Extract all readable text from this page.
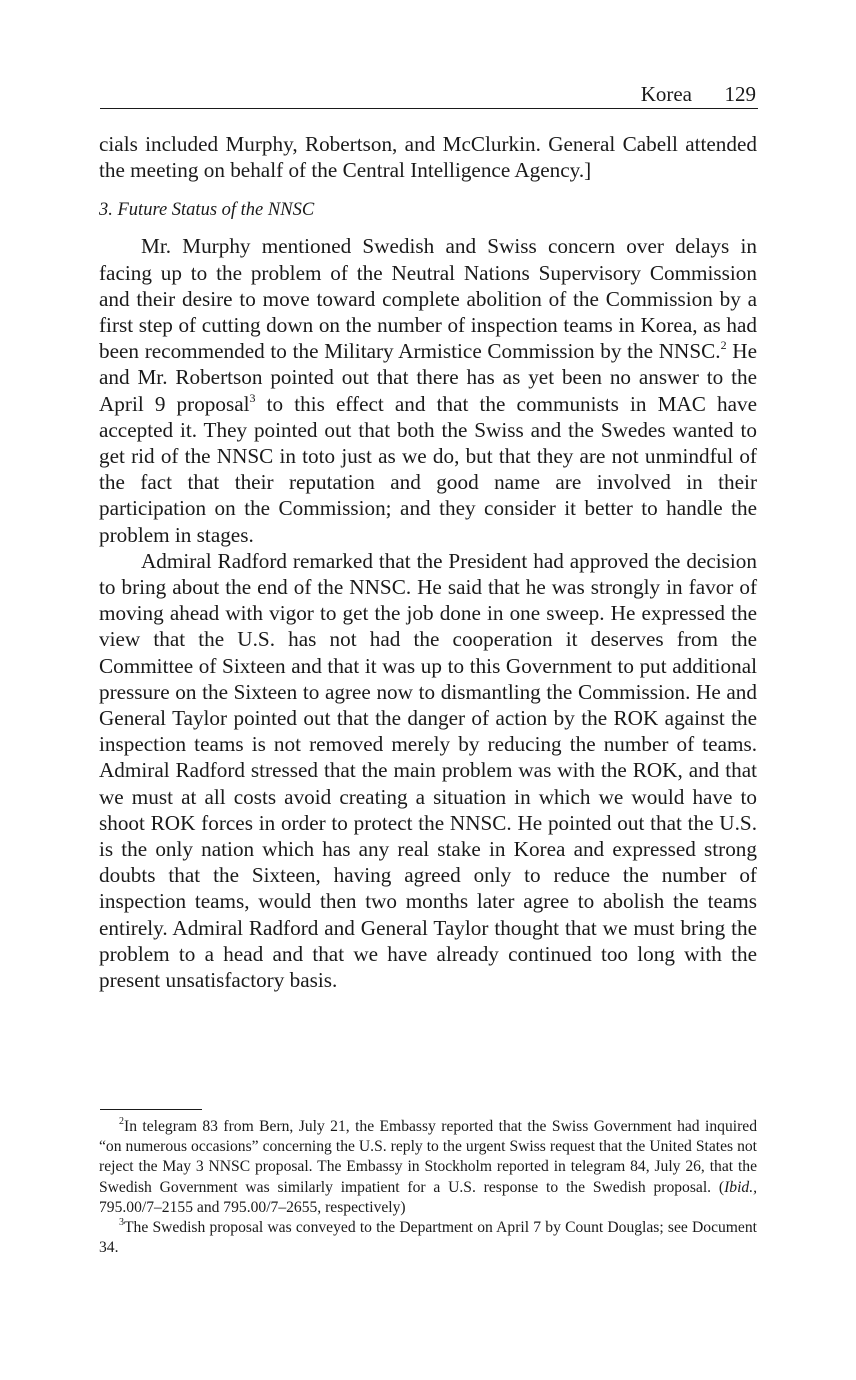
Korea 129

cials included Murphy, Robertson, and McClurkin. General Cabell attended the meeting on behalf of the Central Intelligence Agency.]

3. Future Status of the NNSC

Mr. Murphy mentioned Swedish and Swiss concern over delays in facing up to the problem of the Neutral Nations Supervisory Commission and their desire to move toward complete abolition of the Commission by a first step of cutting down on the number of inspection teams in Korea, as had been recommended to the Military Armistice Commission by the NNSC.$^2$ He and Mr. Robertson pointed out that there has as yet been no answer to the April 9 proposal$^3$ to this effect and that the communists in MAC have accepted it. They pointed out that both the Swiss and the Swedes wanted to get rid of the NNSC in toto just as we do, but that they are not unmindful of the fact that their reputation and good name are involved in their participation on the Commission; and they consider it better to handle the problem in stages.

Admiral Radford remarked that the President had approved the decision to bring about the end of the NNSC. He said that he was strongly in favor of moving ahead with vigor to get the job done in one sweep. He expressed the view that the U.S. has not had the cooperation it deserves from the Committee of Sixteen and that it was up to this Government to put additional pressure on the Sixteen to agree now to dismantling the Commission. He and General Taylor pointed out that the danger of action by the ROK against the inspection teams is not removed merely by reducing the number of teams. Admiral Radford stressed that the main problem was with the ROK, and that we must at all costs avoid creating a situation in which we would have to shoot ROK forces in order to protect the NNSC. He pointed out that the U.S. is the only nation which has any real stake in Korea and expressed strong doubts that the Sixteen, having agreed only to reduce the number of inspection teams, would then two months later agree to abolish the teams entirely. Admiral Radford and General Taylor thought that we must bring the problem to a head and that we have already continued too long with the present unsatisfactory basis.

$^2$In telegram 83 from Bern, July 21, the Embassy reported that the Swiss Government had inquired “on numerous occasions” concerning the U.S. reply to the urgent Swiss request that the United States not reject the May 3 NNSC proposal. The Embassy in Stockholm reported in telegram 84, July 26, that the Swedish Government was similarly impatient for a U.S. response to the Swedish proposal. (Ibid., 795.00/7–2155 and 795.00/7–2655, respectively)

$^3$The Swedish proposal was conveyed to the Department on April 7 by Count Douglas; see Document 34.
